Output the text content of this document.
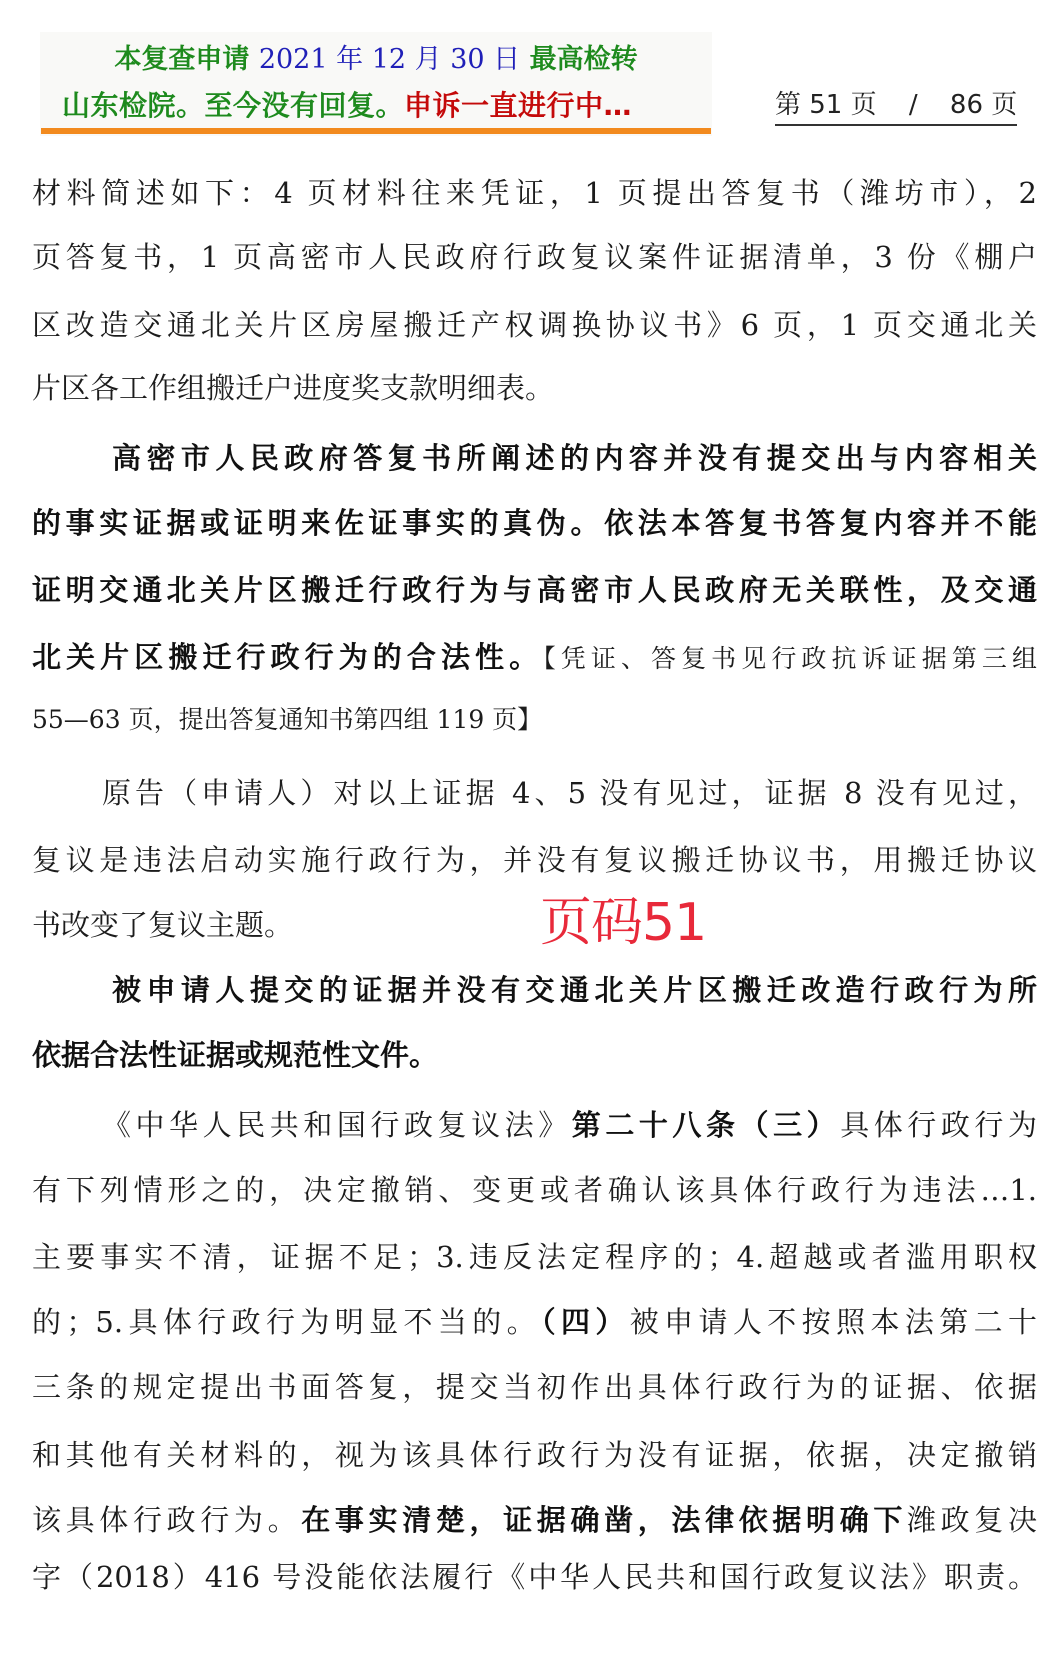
本复查申请 2021 年 12 月 30 日 最高检转
山东检院。至今没有回复。申诉一直进行中…	第 51 页 / 86 页
材料简述如下：4 页材料往来凭证，1 页提出答复书（潍坊市），2
页答复书，1 页高密市人民政府行政复议案件证据清单，3 份《棚户
区改造交通北关片区房屋搬迁产权调换协议书》6 页，1 页交通北关
片区各工作组搬迁户进度奖支款明细表。
高密市人民政府答复书所阐述的内容并没有提交出与内容相关
的事实证据或证明来佐证事实的真伪。依法本答复书答复内容并不能
证明交通北关片区搬迁行政行为与高密市人民政府无关联性，及交通
北关片区搬迁行政行为的合法性。【凭证、答复书见行政抗诉证据第三组
55—63 页，提出答复通知书第四组 119 页】
原告（申请人）对以上证据 4、5 没有见过，证据 8 没有见过，
复议是违法启动实施行政行为，并没有复议搬迁协议书，用搬迁协议
书改变了复议主题。	页码51
被申请人提交的证据并没有交通北关片区搬迁改造行政行为所
依据合法性证据或规范性文件。
《中华人民共和国行政复议法》第二十八条（三）具体行政行为
有下列情形之的，决定撤销、变更或者确认该具体行政行为违法…1.
主要事实不清，证据不足；3.违反法定程序的；4.超越或者滥用职权
的；5.具体行政行为明显不当的。（四）被申请人不按照本法第二十
三条的规定提出书面答复，提交当初作出具体行政行为的证据、依据
和其他有关材料的，视为该具体行政行为没有证据，依据，决定撤销
该具体行政行为。在事实清楚，证据确凿，法律依据明确下潍政复决
字（2018）416 号没能依法履行《中华人民共和国行政复议法》职责。
